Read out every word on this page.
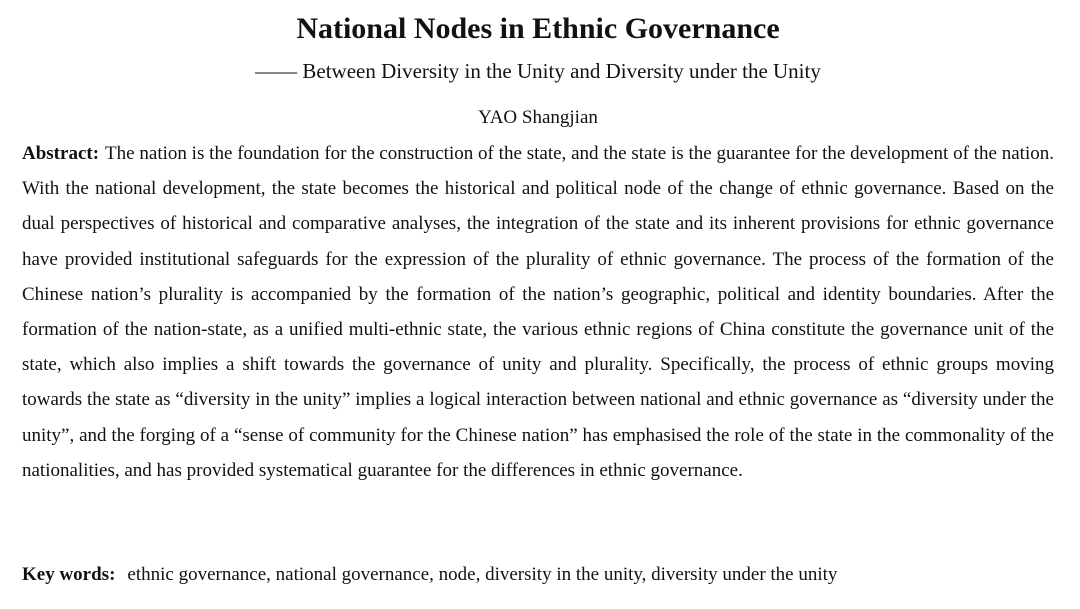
National Nodes in Ethnic Governance
—— Between Diversity in the Unity and Diversity under the Unity
YAO Shangjian
Abstract: The nation is the foundation for the construction of the state, and the state is the guarantee for the development of the nation. With the national development, the state becomes the historical and political node of the change of ethnic governance. Based on the dual perspectives of historical and comparative analyses, the integration of the state and its inherent provisions for ethnic governance have provided institutional safeguards for the expression of the plurality of ethnic governance. The process of the formation of the Chinese nation’s plurality is accompanied by the formation of the nation’s geographic, political and identity boundaries. After the formation of the nation-state, as a unified multi-ethnic state, the various ethnic regions of China constitute the governance unit of the state, which also implies a shift towards the governance of unity and plurality. Specifically, the process of ethnic groups moving towards the state as “diversity in the unity” implies a logical interaction between national and ethnic governance as “diversity under the unity”, and the forging of a “sense of community for the Chinese nation” has emphasised the role of the state in the commonality of the nationalities, and has provided systematical guarantee for the differences in ethnic governance.
Key words: ethnic governance, national governance, node, diversity in the unity, diversity under the unity
